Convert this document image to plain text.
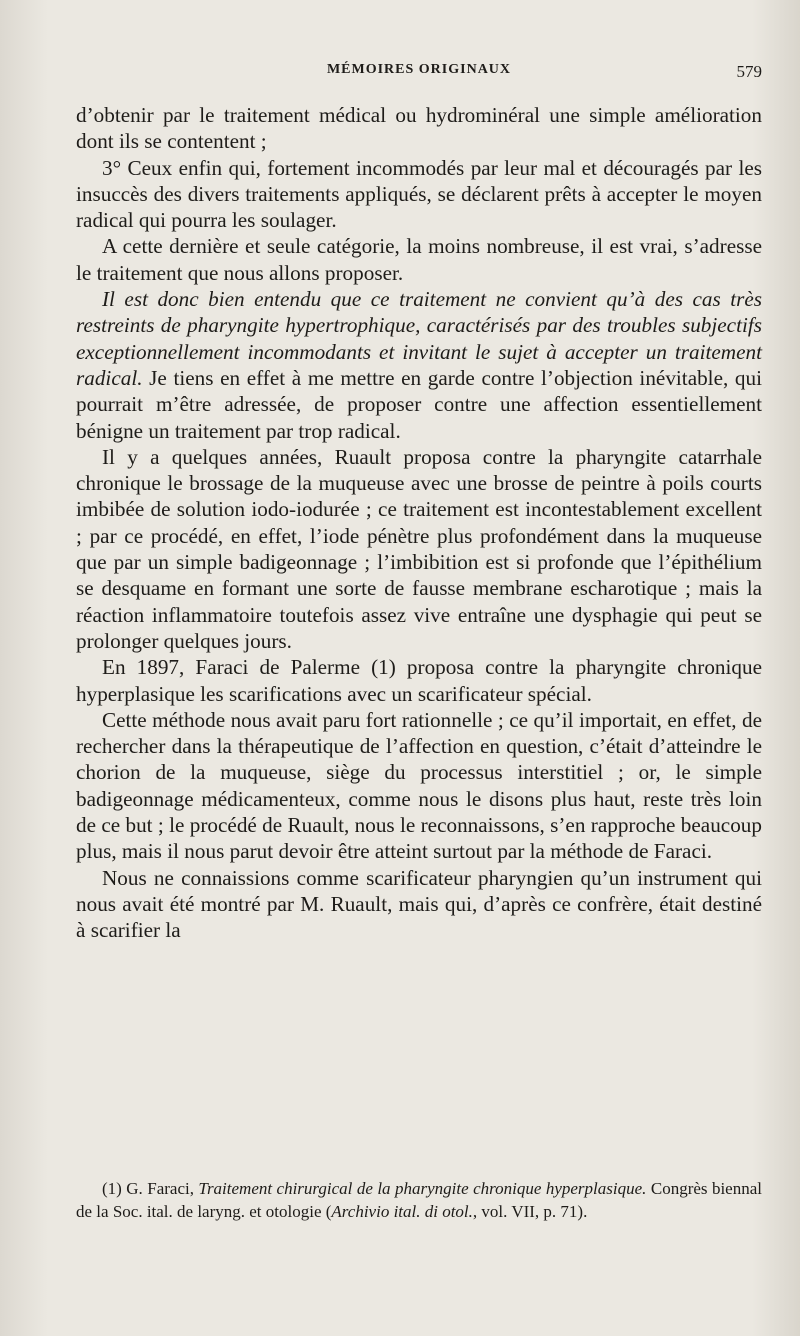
MÉMOIRES ORIGINAUX	579

d’obtenir par le traitement médical ou hydrominéral une simple amélioration dont ils se contentent ;

3° Ceux enfin qui, fortement incommodés par leur mal et découragés par les insuccès des divers traitements appliqués, se déclarent prêts à accepter le moyen radical qui pourra les soulager.

A cette dernière et seule catégorie, la moins nombreuse, il est vrai, s’adresse le traitement que nous allons proposer.

Il est donc bien entendu que ce traitement ne convient qu’à des cas très restreints de pharyngite hypertrophique, caractérisés par des troubles subjectifs exceptionnellement incommodants et invitant le sujet à accepter un traitement radical. Je tiens en effet à me mettre en garde contre l’objection inévitable, qui pourrait m’être adressée, de proposer contre une affection essentiellement bénigne un traitement par trop radical.

Il y a quelques années, Ruault proposa contre la pharyngite catarrhale chronique le brossage de la muqueuse avec une brosse de peintre à poils courts imbibée de solution iodo-iodurée ; ce traitement est incontestablement excellent ; par ce procédé, en effet, l’iode pénètre plus profondément dans la muqueuse que par un simple badigeonnage ; l’imbibition est si profonde que l’épithélium se desquame en formant une sorte de fausse membrane escharotique ; mais la réaction inflammatoire toutefois assez vive entraîne une dysphagie qui peut se prolonger quelques jours.

En 1897, Faraci de Palerme (1) proposa contre la pharyngite chronique hyperplasique les scarifications avec un scarificateur spécial.

Cette méthode nous avait paru fort rationnelle ; ce qu’il importait, en effet, de rechercher dans la thérapeutique de l’affection en question, c’était d’atteindre le chorion de la muqueuse, siège du processus interstitiel ; or, le simple badigeonnage médicamenteux, comme nous le disons plus haut, reste très loin de ce but ; le procédé de Ruault, nous le reconnaissons, s’en rapproche beaucoup plus, mais il nous parut devoir être atteint surtout par la méthode de Faraci.

Nous ne connaissions comme scarificateur pharyngien qu’un instrument qui nous avait été montré par M. Ruault, mais qui, d’après ce confrère, était destiné à scarifier la

(1) G. Faraci, Traitement chirurgical de la pharyngite chronique hyperplasique. Congrès biennal de la Soc. ital. de laryng. et otologie (Archivio ital. di otol., vol. VII, p. 71).
